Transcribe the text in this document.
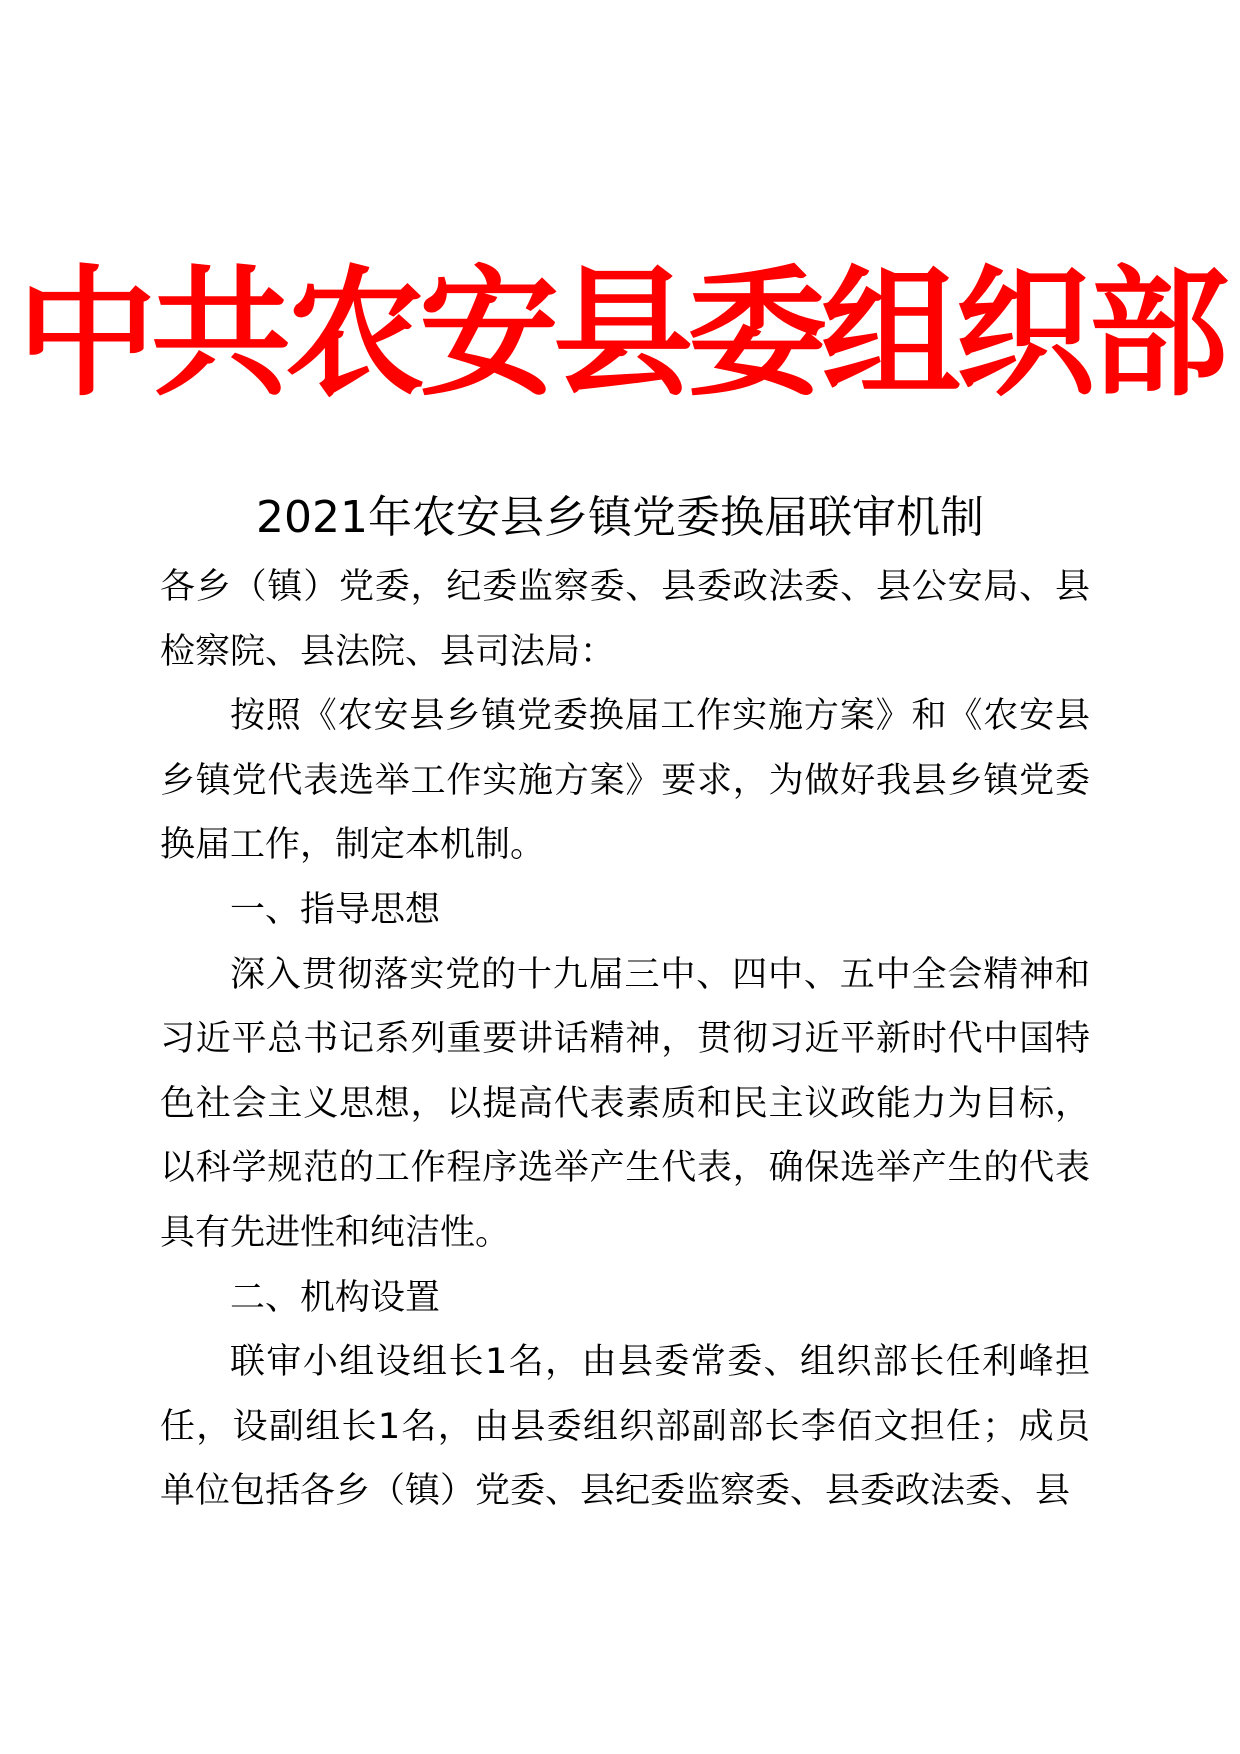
中共农安县委组织部
2021年农安县乡镇党委换届联审机制

各乡（镇）党委，纪委监察委、县委政法委、县公安局、县检察院、县法院、县司法局：

按照《农安县乡镇党委换届工作实施方案》和《农安县乡镇党代表选举工作实施方案》要求，为做好我县乡镇党委换届工作，制定本机制。

一、指导思想

深入贯彻落实党的十九届三中、四中、五中全会精神和习近平总书记系列重要讲话精神，贯彻习近平新时代中国特色社会主义思想，以提高代表素质和民主议政能力为目标，以科学规范的工作程序选举产生代表，确保选举产生的代表具有先进性和纯洁性。

二、机构设置

联审小组设组长1名，由县委常委、组织部长任利峰担任，设副组长1名，由县委组织部副部长李佰文担任；成员单位包括各乡（镇）党委、县纪委监察委、县委政法委、县
